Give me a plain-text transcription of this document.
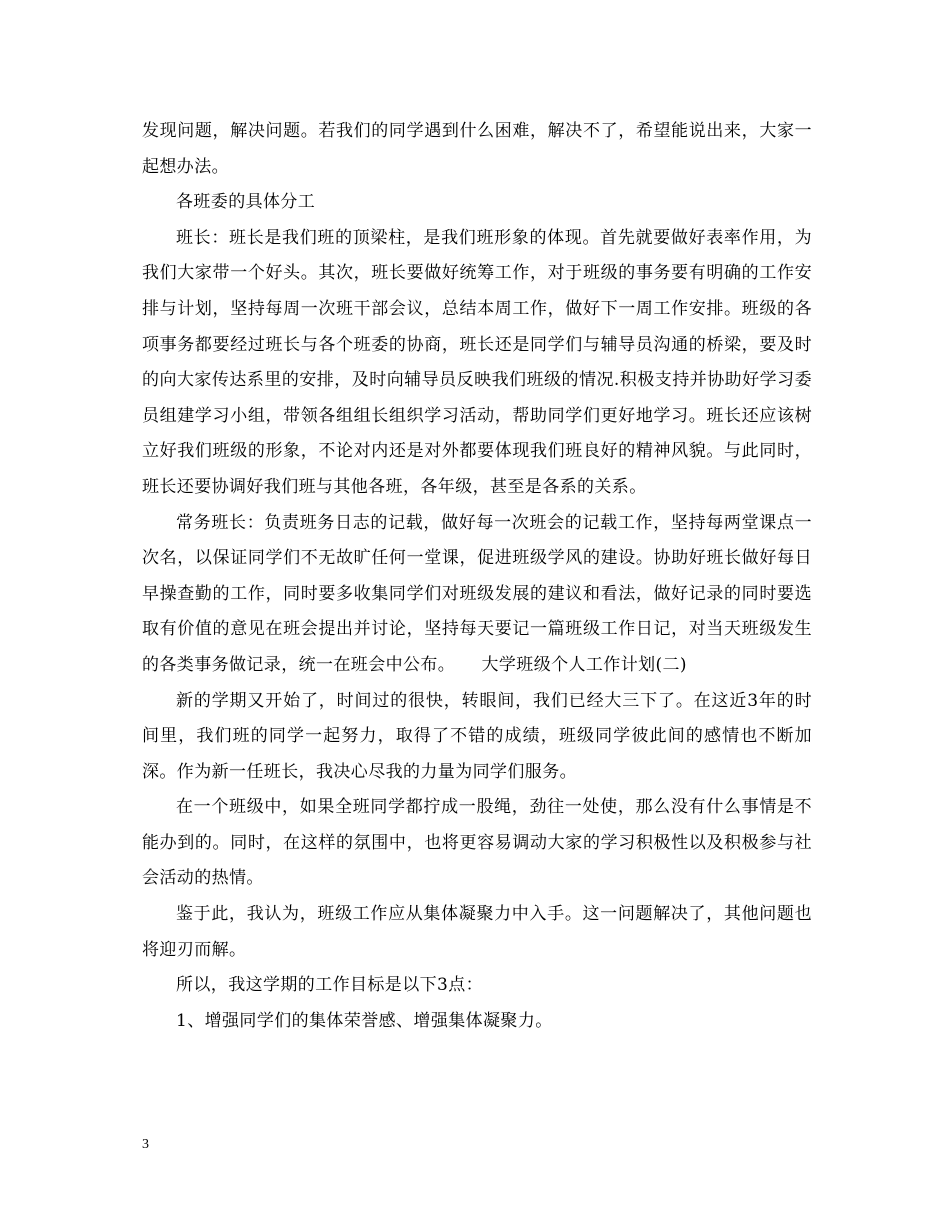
发现问题，解决问题。若我们的同学遇到什么困难，解决不了，希望能说出来，大家一起想办法。

各班委的具体分工

班长：班长是我们班的顶梁柱，是我们班形象的体现。首先就要做好表率作用，为我们大家带一个好头。其次，班长要做好统筹工作，对于班级的事务要有明确的工作安排与计划，坚持每周一次班干部会议，总结本周工作，做好下一周工作安排。班级的各项事务都要经过班长与各个班委的协商，班长还是同学们与辅导员沟通的桥梁，要及时的向大家传达系里的安排，及时向辅导员反映我们班级的情况.积极支持并协助好学习委员组建学习小组，带领各组组长组织学习活动，帮助同学们更好地学习。班长还应该树立好我们班级的形象，不论对内还是对外都要体现我们班良好的精神风貌。与此同时，班长还要协调好我们班与其他各班，各年级，甚至是各系的关系。

常务班长：负责班务日志的记载，做好每一次班会的记载工作，坚持每两堂课点一次名，以保证同学们不无故旷任何一堂课，促进班级学风的建设。协助好班长做好每日早操查勤的工作，同时要多收集同学们对班级发展的建议和看法，做好记录的同时要选取有价值的意见在班会提出并讨论，坚持每天要记一篇班级工作日记，对当天班级发生的各类事务做记录，统一在班会中公布。　　大学班级个人工作计划(二)

新的学期又开始了，时间过的很快，转眼间，我们已经大三下了。在这近3年的时间里，我们班的同学一起努力，取得了不错的成绩，班级同学彼此间的感情也不断加深。作为新一任班长，我决心尽我的力量为同学们服务。

在一个班级中，如果全班同学都拧成一股绳，劲往一处使，那么没有什么事情是不能办到的。同时，在这样的氛围中，也将更容易调动大家的学习积极性以及积极参与社会活动的热情。

鉴于此，我认为，班级工作应从集体凝聚力中入手。这一问题解决了，其他问题也将迎刃而解。

所以，我这学期的工作目标是以下3点：

1、增强同学们的集体荣誉感、增强集体凝聚力。

3
